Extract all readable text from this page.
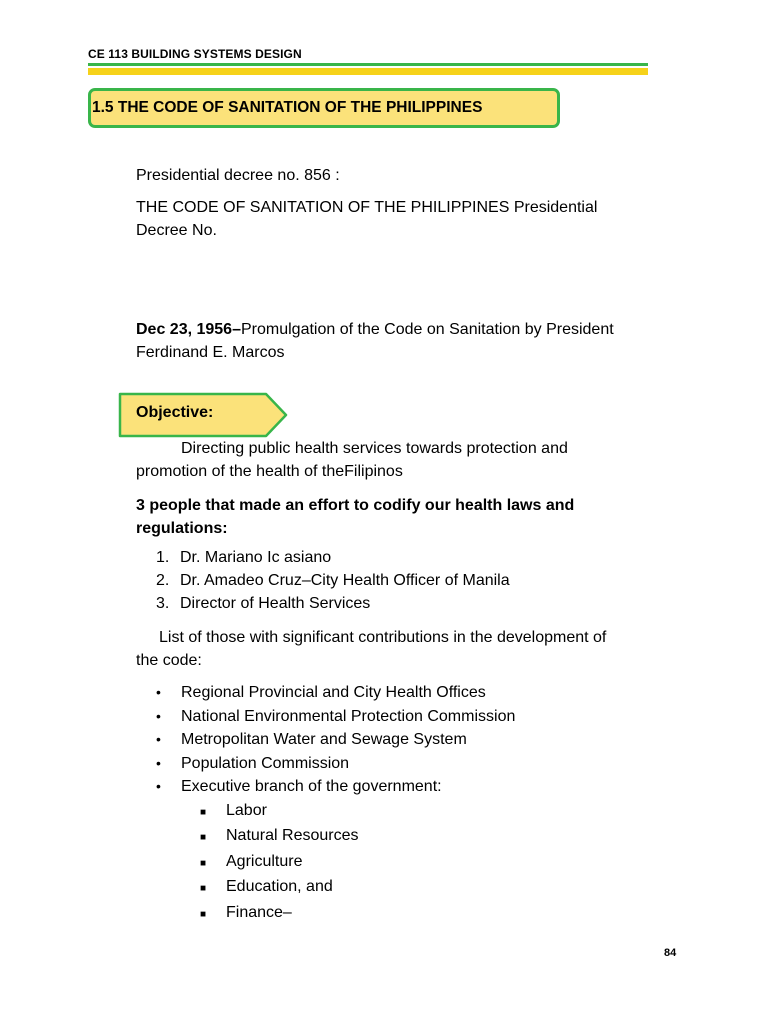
CE 113 BUILDING SYSTEMS DESIGN
1.5 THE CODE OF SANITATION OF THE PHILIPPINES
Presidential decree no. 856 :
THE CODE OF SANITATION OF THE PHILIPPINES Presidential
Decree No.
Dec 23, 1956–Promulgation of the Code on Sanitation by President
Ferdinand E. Marcos
Objective:
Directing public health services towards protection and
promotion of the health of theFilipinos
3 people that made an effort to codify our health laws and
regulations:
1. Dr. Mariano Ic asiano
2. Dr. Amadeo Cruz–City Health Officer of Manila
3. Director of Health Services
List of those with significant contributions in the development of
the code:
•	Regional Provincial and City Health Offices
•	National Environmental Protection Commission
•	Metropolitan Water and Sewage System
•	Population Commission
•	Executive branch of the government:
■	Labor
■	Natural Resources
■	Agriculture
■	Education, and
■	Finance–
84
